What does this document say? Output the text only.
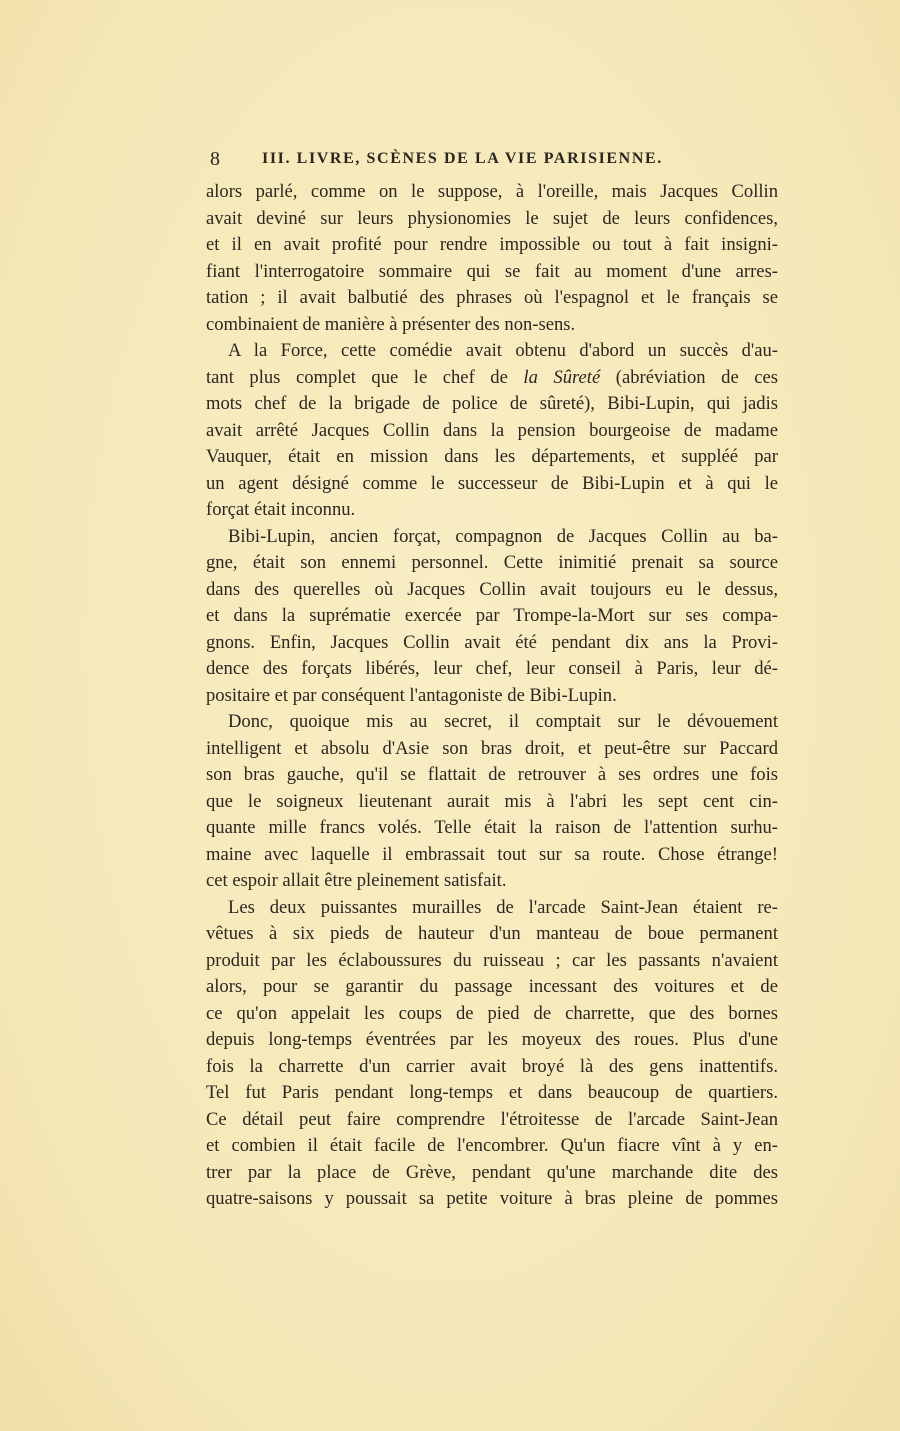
8	III. LIVRE, SCÈNES DE LA VIE PARISIENNE.
alors parlé, comme on le suppose, à l'oreille, mais Jacques Collin
avait deviné sur leurs physionomies le sujet de leurs confidences,
et il en avait profité pour rendre impossible ou tout à fait insigni-
fiant l'interrogatoire sommaire qui se fait au moment d'une arres-
tation ; il avait balbutié des phrases où l'espagnol et le français se
combinaient de manière à présenter des non-sens.
A la Force, cette comédie avait obtenu d'abord un succès d'au-
tant plus complet que le chef de la Sûreté (abréviation de ces
mots chef de la brigade de police de sûreté), Bibi-Lupin, qui jadis
avait arrêté Jacques Collin dans la pension bourgeoise de madame
Vauquer, était en mission dans les départements, et suppléé par
un agent désigné comme le successeur de Bibi-Lupin et à qui le
forçat était inconnu.
Bibi-Lupin, ancien forçat, compagnon de Jacques Collin au ba-
gne, était son ennemi personnel. Cette inimitié prenait sa source
dans des querelles où Jacques Collin avait toujours eu le dessus,
et dans la suprématie exercée par Trompe-la-Mort sur ses compa-
gnons. Enfin, Jacques Collin avait été pendant dix ans la Provi-
dence des forçats libérés, leur chef, leur conseil à Paris, leur dé-
positaire et par conséquent l'antagoniste de Bibi-Lupin.
Donc, quoique mis au secret, il comptait sur le dévouement
intelligent et absolu d'Asie son bras droit, et peut-être sur Paccard
son bras gauche, qu'il se flattait de retrouver à ses ordres une fois
que le soigneux lieutenant aurait mis à l'abri les sept cent cin-
quante mille francs volés. Telle était la raison de l'attention surhu-
maine avec laquelle il embrassait tout sur sa route. Chose étrange!
cet espoir allait être pleinement satisfait.
Les deux puissantes murailles de l'arcade Saint-Jean étaient re-
vêtues à six pieds de hauteur d'un manteau de boue permanent
produit par les éclaboussures du ruisseau ; car les passants n'avaient
alors, pour se garantir du passage incessant des voitures et de
ce qu'on appelait les coups de pied de charrette, que des bornes
depuis long-temps éventrées par les moyeux des roues. Plus d'une
fois la charrette d'un carrier avait broyé là des gens inattentifs.
Tel fut Paris pendant long-temps et dans beaucoup de quartiers.
Ce détail peut faire comprendre l'étroitesse de l'arcade Saint-Jean
et combien il était facile de l'encombrer. Qu'un fiacre vînt à y en-
trer par la place de Grève, pendant qu'une marchande dite des
quatre-saisons y poussait sa petite voiture à bras pleine de pommes
